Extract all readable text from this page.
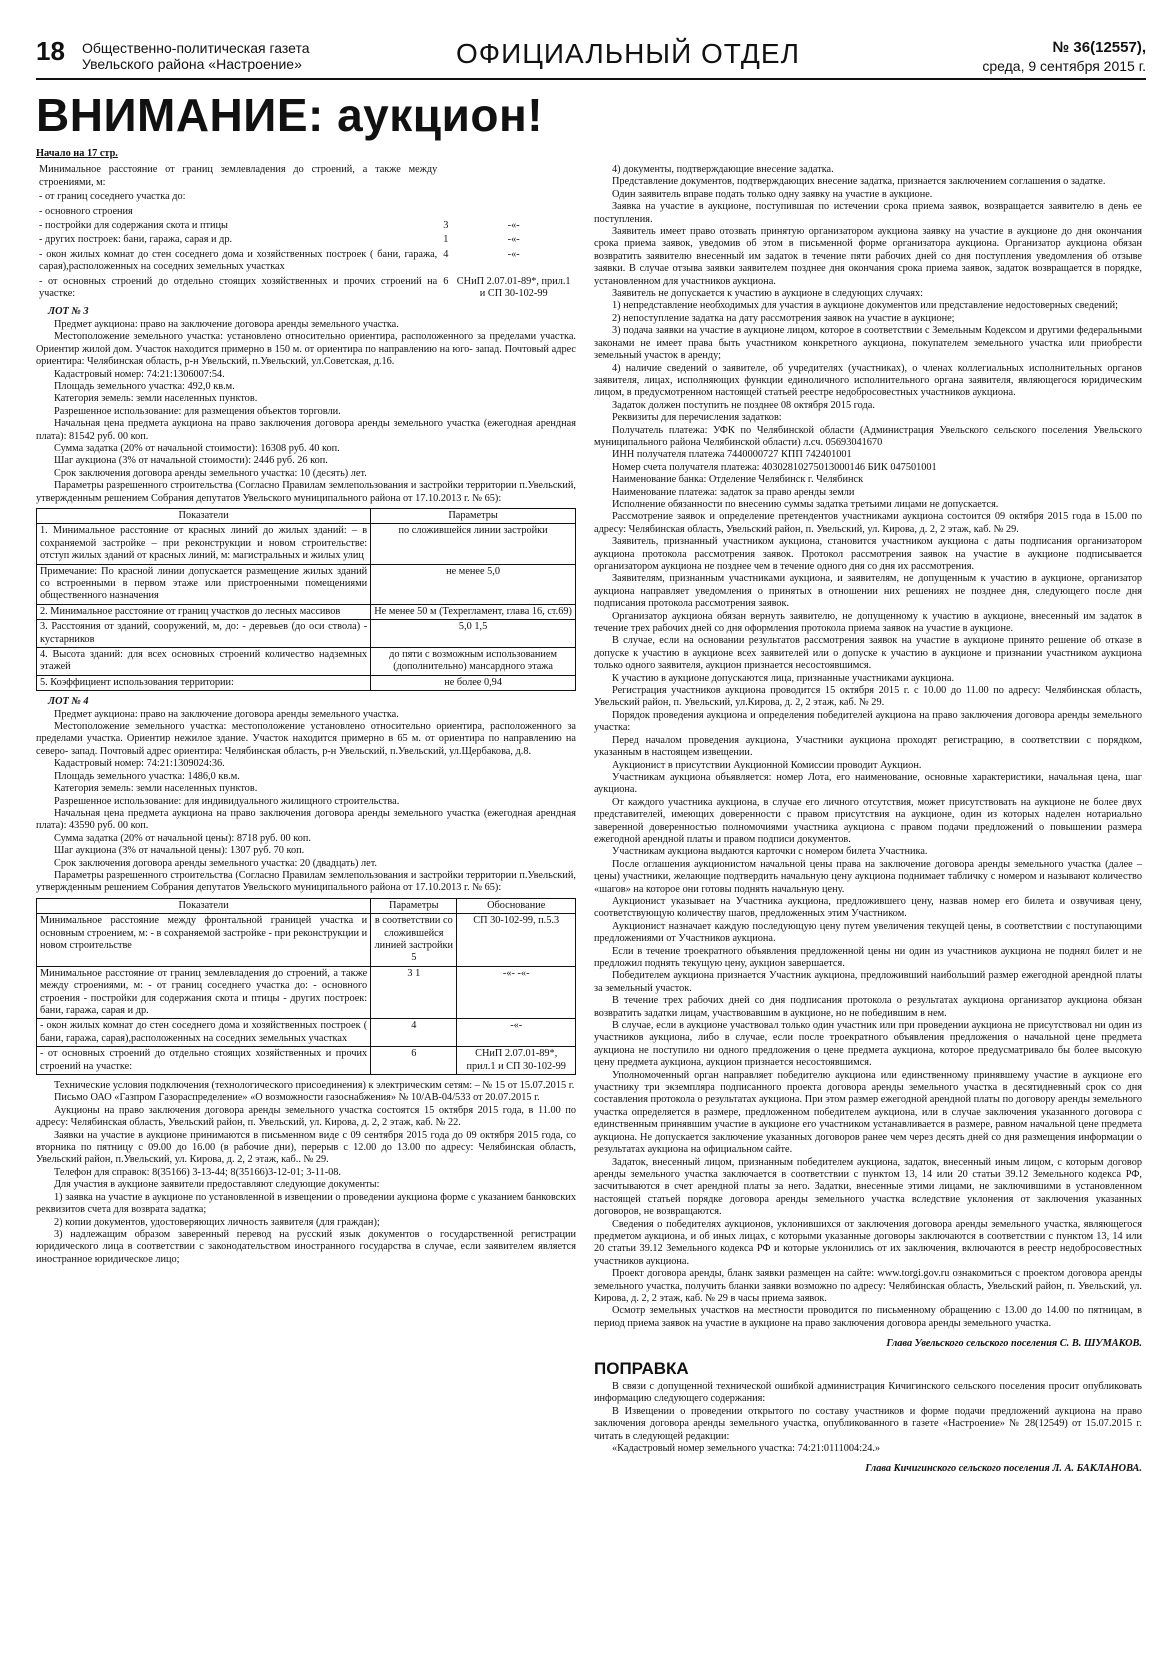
18 Общественно-политическая газета
Увельского района «Настроение»	ОФИЦИАЛЬНЫЙ ОТДЕЛ	№ 36(12557),
среда, 9 сентября 2015 г.
ВНИМАНИЕ: аукцион!

Начало на 17 стр.

Минимальное расстояние от границ землевладения до строений, а также между строениями, м:		
- от границ соседнего участка до:		
- основного строения		
- постройки для содержания скота и птицы	3	-«-
- других построек: бани, гаража, сарая и др.	1	-«-
- окон жилых комнат до стен соседнего дома и хозяйственных построек ( бани, гаража, сарая),расположенных на соседних земельных участках	4	-«-
- от основных строений до отдельно стоящих хозяйственных и прочих строений на участке:	6	СНиП 2.07.01-89*, прил.1 и СП 30-102-99

ЛОТ № 3

Предмет аукциона: право на заключение договора аренды земельного участка.

Местоположение земельного участка: установлено относительно ориентира, расположенного за пределами участка. Ориентир жилой дом. Участок находится примерно в 150 м. от ориентира по направлению на юго- запад. Почтовый адрес ориентира: Челябинская область, р-н Увельский, п.Увельский, ул.Советская, д.16.

Кадастровый номер: 74:21:1306007:54.

Площадь земельного участка: 492,0 кв.м.

Категория земель: земли населенных пунктов.

Разрешенное использование: для размещения объектов торговли.

Начальная цена предмета аукциона на право заключения договора аренды земельного участка (ежегодная арендная плата): 81542 руб. 00 коп.

Сумма задатка (20% от начальной стоимости): 16308 руб. 40 коп.

Шаг аукциона (3% от начальной стоимости): 2446 руб. 26 коп.

Срок заключения договора аренды земельного участка: 10 (десять) лет.

Параметры разрешенного строительства (Согласно Правилам землепользования и застройки территории п.Увельский, утвержденным решением Собрания депутатов Увельского муниципального района от 17.10.2013 г. № 65):

Показатели	Параметры
1. Минимальное расстояние от красных линий до жилых зданий: – в сохраняемой застройке – при реконструкции и новом строительстве: отступ жилых зданий от красных линий, м: магистральных и жилых улиц	по сложившейся линии застройки
Примечание: По красной линии допускается размещение жилых зданий со встроенными в первом этаже или пристроенными помещениями общественного назначения	не менее 5,0
2. Минимальное расстояние от границ участков до лесных массивов	Не менее 50 м (Техрегламент, глава 16, ст.69)
3. Расстояния от зданий, сооружений, м, до: - деревьев (до оси ствола) - кустарников	5,0 1,5
4. Высота зданий: для всех основных строений количество надземных этажей	до пяти с возможным использованием (дополнительно) мансардного этажа
5. Коэффициент использования территории:	не более 0,94

ЛОТ № 4

Предмет аукциона: право на заключение договора аренды земельного участка.

Местоположение земельного участка: местоположение установлено относительно ориентира, расположенного за пределами участка. Ориентир нежилое здание. Участок находится примерно в 65 м. от ориентира по направлению на северо- запад. Почтовый адрес ориентира: Челябинская область, р-н Увельский, п.Увельский, ул.Щербакова, д.8.

Кадастровый номер: 74:21:1309024:36.

Площадь земельного участка: 1486,0 кв.м.

Категория земель: земли населенных пунктов.

Разрешенное использование: для индивидуального жилищного строительства.

Начальная цена предмета аукциона на право заключения договора аренды земельного участка (ежегодная арендная плата): 43590 руб. 00 коп.

Сумма задатка (20% от начальной цены): 8718 руб. 00 коп.

Шаг аукциона (3% от начальной цены): 1307 руб. 70 коп.

Срок заключения договора аренды земельного участка: 20 (двадцать) лет.

Параметры разрешенного строительства (Согласно Правилам землепользования и застройки территории п.Увельский, утвержденным решением Собрания депутатов Увельского муниципального района от 17.10.2013 г. № 65):

Показатели	Параметры	Обоснование
Минимальное расстояние между фронтальной границей участка и основным строением, м: - в сохраняемой застройке - при реконструкции и новом строительстве	в соответствии со сложившейся линией застройки 5	СП 30-102-99, п.5.3
Минимальное расстояние от границ землевладения до строений, а также между строениями, м: - от границ соседнего участка до: - основного строения - постройки для содержания скота и птицы - других построек: бани, гаража, сарая и др.	3 1	-«- -«-
- окон жилых комнат до стен соседнего дома и хозяйственных построек ( бани, гаража, сарая),расположенных на соседних земельных участках	4	-«-
- от основных строений до отдельно стоящих хозяйственных и прочих строений на участке:	6	СНиП 2.07.01-89*, прил.1 и СП 30-102-99

Технические условия подключения (технологического присоединения) к электрическим сетям: – № 15 от 15.07.2015 г.

Письмо ОАО «Газпром Газораспределение» «О возможности газоснабжения» № 10/АВ-04/533 от 20.07.2015 г.

Аукционы на право заключения договора аренды земельного участка состоятся 15 октября 2015 года, в 11.00 по адресу: Челябинская область, Увельский район, п. Увельский, ул. Кирова, д. 2, 2 этаж, каб. № 22.

Заявки на участие в аукционе принимаются в письменном виде с 09 сентября 2015 года до 09 октября 2015 года, со вторника по пятницу с 09.00 до 16.00 (в рабочие дни), перерыв с 12.00 до 13.00 по адресу: Челябинская область, Увельский район, п.Увельский, ул. Кирова, д. 2, 2 этаж, каб.. № 29.

Телефон для справок: 8(35166) 3-13-44; 8(35166)3-12-01; 3-11-08.

Для участия в аукционе заявители предоставляют следующие документы:

1) заявка на участие в аукционе по установленной в извещении о проведении аукциона форме с указанием банковских реквизитов счета для возврата задатка;

2) копии документов, удостоверяющих личность заявителя (для граждан);

3) надлежащим образом заверенный перевод на русский язык документов о государственной регистрации юридического лица в соответствии с законодательством иностранного государства в случае, если заявителем является иностранное юридическое лицо;

4) документы, подтверждающие внесение задатка.

Представление документов, подтверждающих внесение задатка, признается заключением соглашения о задатке.

Один заявитель вправе подать только одну заявку на участие в аукционе.

Заявка на участие в аукционе, поступившая по истечении срока приема заявок, возвращается заявителю в день ее поступления.

Заявитель имеет право отозвать принятую организатором аукциона заявку на участие в аукционе до дня окончания срока приема заявок, уведомив об этом в письменной форме организатора аукциона. Организатор аукциона обязан возвратить заявителю внесенный им задаток в течение пяти рабочих дней со дня поступления уведомления об отзыве заявки. В случае отзыва заявки заявителем позднее дня окончания срока приема заявок, задаток возвращается в порядке, установленном для участников аукциона.

Заявитель не допускается к участию в аукционе в следующих случаях:

1) непредставление необходимых для участия в аукционе документов или представление недостоверных сведений;

2) непоступление задатка на дату рассмотрения заявок на участие в аукционе;

3) подача заявки на участие в аукционе лицом, которое в соответствии с Земельным Кодексом и другими федеральными законами не имеет права быть участником конкретного аукциона, покупателем земельного участка или приобрести земельный участок в аренду;

4) наличие сведений о заявителе, об учредителях (участниках), о членах коллегиальных исполнительных органов заявителя, лицах, исполняющих функции единоличного исполнительного органа заявителя, являющегося юридическим лицом, в предусмотренном настоящей статьей реестре недобросовестных участников аукциона.

Задаток должен поступить не позднее 08 октября 2015 года.

Реквизиты для перечисления задатков:

Получатель платежа: УФК по Челябинской области (Администрация Увельского сельского поселения Увельского муниципального района Челябинской области) л.сч. 05693041670

ИНН получателя платежа 7440000727 КПП 742401001

Номер счета получателя платежа: 40302810275013000146 БИК 047501001

Наименование банка: Отделение Челябинск г. Челябинск

Наименование платежа: задаток за право аренды земли

Исполнение обязанности по внесению суммы задатка третьими лицами не допускается.

Рассмотрение заявок и определение претендентов участниками аукциона состоится 09 октября 2015 года в 15.00 по адресу: Челябинская область, Увельский район, п. Увельский, ул. Кирова, д. 2, 2 этаж, каб. № 29.

Заявитель, признанный участником аукциона, становится участником аукциона с даты подписания организатором аукциона протокола рассмотрения заявок. Протокол рассмотрения заявок на участие в аукционе подписывается организатором аукциона не позднее чем в течение одного дня со дня их рассмотрения.

Заявителям, признанным участниками аукциона, и заявителям, не допущенным к участию в аукционе, организатор аукциона направляет уведомления о принятых в отношении них решениях не позднее дня, следующего после дня подписания протокола рассмотрения заявок.

Организатор аукциона обязан вернуть заявителю, не допущенному к участию в аукционе, внесенный им задаток в течение трех рабочих дней со дня оформления протокола приема заявок на участие в аукционе.

В случае, если на основании результатов рассмотрения заявок на участие в аукционе принято решение об отказе в допуске к участию в аукционе всех заявителей или о допуске к участию в аукционе и признании участником аукциона только одного заявителя, аукцион признается несостоявшимся.

К участию в аукционе допускаются лица, признанные участниками аукциона.

Регистрация участников аукциона проводится 15 октября 2015 г. с 10.00 до 11.00 по адресу: Челябинская область, Увельский район, п. Увельский, ул.Кирова, д. 2, 2 этаж, каб. № 29.

Порядок проведения аукциона и определения победителей аукциона на право заключения договора аренды земельного участка:

Перед началом проведения аукциона, Участники аукциона проходят регистрацию, в соответствии с порядком, указанным в настоящем извещении.

Аукционист в присутствии Аукционной Комиссии проводит Аукцион.

Участникам аукциона объявляется: номер Лота, его наименование, основные характеристики, начальная цена, шаг аукциона.

От каждого участника аукциона, в случае его личного отсутствия, может присутствовать на аукционе не более двух представителей, имеющих доверенности с правом присутствия на аукционе, один из которых наделен нотариально заверенной доверенностью полномочиями участника аукциона с правом подачи предложений о повышении размера ежегодной арендной платы и правом подписи документов.

Участникам аукциона выдаются карточки с номером билета Участника.

После оглашения аукционистом начальной цены права на заключение договора аренды земельного участка (далее – цены) участники, желающие подтвердить начальную цену аукциона поднимает табличку с номером и называют количество «шагов» на которое они готовы поднять начальную цену.

Аукционист указывает на Участника аукциона, предложившего цену, назвав номер его билета и озвучивая цену, соответствующую количеству шагов, предложенных этим Участником.

Аукционист назначает каждую последующую цену путем увеличения текущей цены, в соответствии с поступающими предложениями от Участников аукциона.

Если в течение троекратного объявления предложенной цены ни один из участников аукциона не поднял билет и не предложил поднять текущую цену, аукцион завершается.

Победителем аукциона признается Участник аукциона, предложивший наибольший размер ежегодной арендной платы за земельный участок.

В течение трех рабочих дней со дня подписания протокола о результатах аукциона организатор аукциона обязан возвратить задатки лицам, участвовавшим в аукционе, но не победившим в нем.

В случае, если в аукционе участвовал только один участник или при проведении аукциона не присутствовал ни один из участников аукциона, либо в случае, если после троекратного объявления предложения о начальной цене предмета аукциона не поступило ни одного предложения о цене предмета аукциона, которое предусматривало бы более высокую цену предмета аукциона, аукцион признается несостоявшимся.

Уполномоченный орган направляет победителю аукциона или единственному принявшему участие в аукционе его участнику три экземпляра подписанного проекта договора аренды земельного участка в десятидневный срок со дня составления протокола о результатах аукциона. При этом размер ежегодной арендной платы по договору аренды земельного участка определяется в размере, предложенном победителем аукциона, или в случае заключения указанного договора с единственным принявшим участие в аукционе его участником устанавливается в размере, равном начальной цене предмета аукциона. Не допускается заключение указанных договоров ранее чем через десять дней со дня размещения информации о результатах аукциона на официальном сайте.

Задаток, внесенный лицом, признанным победителем аукциона, задаток, внесенный иным лицом, с которым договор аренды земельного участка заключается в соответствии с пунктом 13, 14 или 20 статьи 39.12 Земельного кодекса РФ, засчитываются в счет арендной платы за него. Задатки, внесенные этими лицами, не заключившими в установленном настоящей статьей порядке договора аренды земельного участка вследствие уклонения от заключения указанных договоров, не возвращаются.

Сведения о победителях аукционов, уклонившихся от заключения договора аренды земельного участка, являющегося предметом аукциона, и об иных лицах, с которыми указанные договоры заключаются в соответствии с пунктом 13, 14 или 20 статьи 39.12 Земельного кодекса РФ и которые уклонились от их заключения, включаются в реестр недобросовестных участников аукциона.

Проект договора аренды, бланк заявки размещен на сайте: www.torgi.gov.ru ознакомиться с проектом договора аренды земельного участка, получить бланки заявки возможно по адресу: Челябинская область, Увельский район, п. Увельский, ул. Кирова, д. 2, 2 этаж, каб. № 29 в часы приема заявок.

Осмотр земельных участков на местности проводится по письменному обращению с 13.00 до 14.00 по пятницам, в период приема заявок на участие в аукционе на право заключения договора аренды земельного участка.

Глава Увельского сельского поселения С. В. ШУМАКОВ.

ПОПРАВКА

В связи с допущенной технической ошибкой администрация Кичигинского сельского поселения просит опубликовать информацию следующего содержания:

В Извещении о проведении открытого по составу участников и форме подачи предложений аукциона на право заключения договора аренды земельного участка, опубликованного в газете «Настроение» № 28(12549) от 15.07.2015 г. читать в следующей редакции:

«Кадастровый номер земельного участка: 74:21:0111004:24.»

Глава Кичигинского сельского поселения Л. А. БАКЛАНОВА.
